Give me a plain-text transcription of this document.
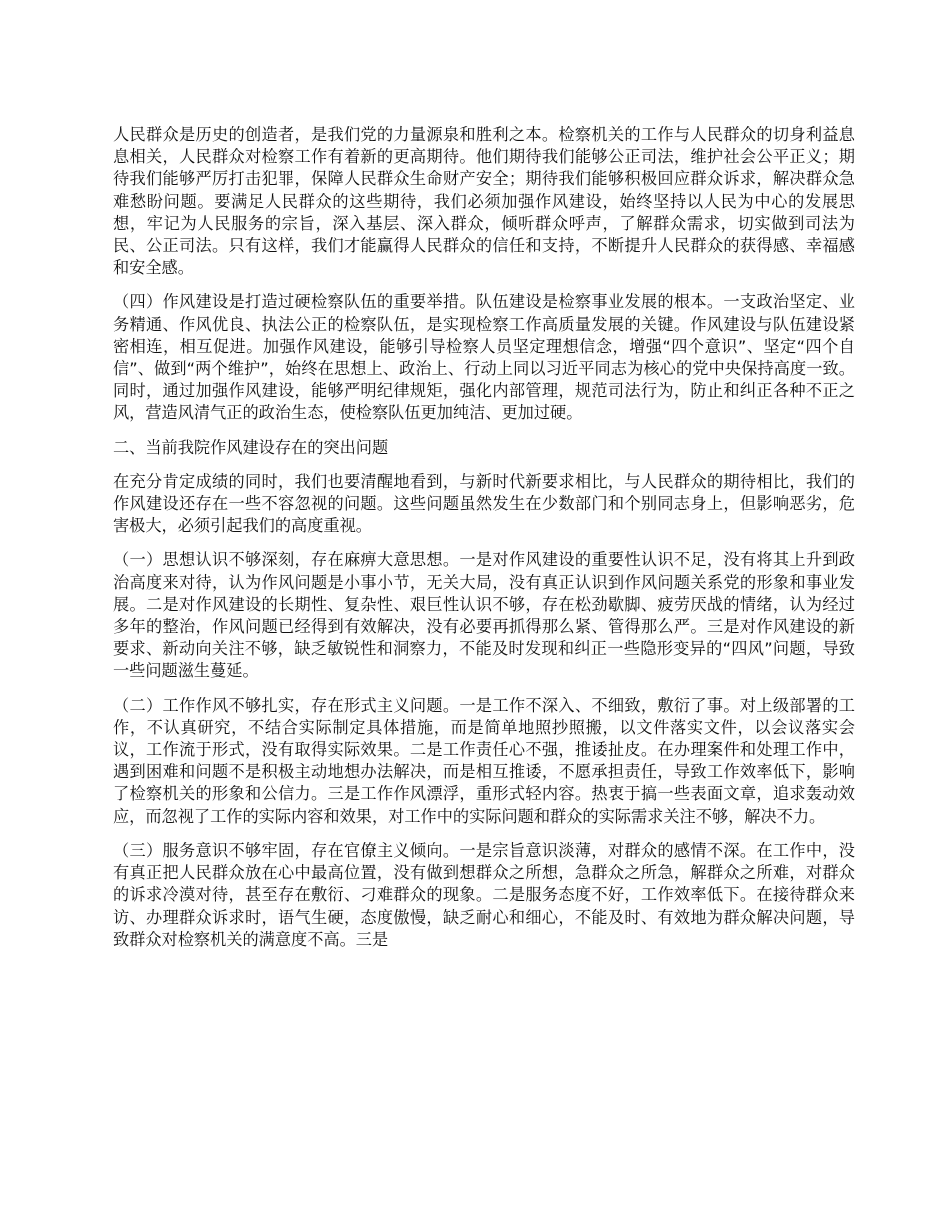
人民群众是历史的创造者，是我们党的力量源泉和胜利之本。检察机关的工作与人民群众的切身利益息息相关，人民群众对检察工作有着新的更高期待。他们期待我们能够公正司法，维护社会公平正义；期待我们能够严厉打击犯罪，保障人民群众生命财产安全；期待我们能够积极回应群众诉求，解决群众急难愁盼问题。要满足人民群众的这些期待，我们必须加强作风建设，始终坚持以人民为中心的发展思想，牢记为人民服务的宗旨，深入基层、深入群众，倾听群众呼声，了解群众需求，切实做到司法为民、公正司法。只有这样，我们才能赢得人民群众的信任和支持，不断提升人民群众的获得感、幸福感和安全感。

（四）作风建设是打造过硬检察队伍的重要举措。队伍建设是检察事业发展的根本。一支政治坚定、业务精通、作风优良、执法公正的检察队伍，是实现检察工作高质量发展的关键。作风建设与队伍建设紧密相连，相互促进。加强作风建设，能够引导检察人员坚定理想信念，增强“四个意识”、坚定“四个自信”、做到“两个维护”，始终在思想上、政治上、行动上同以习近平同志为核心的党中央保持高度一致。同时，通过加强作风建设，能够严明纪律规矩，强化内部管理，规范司法行为，防止和纠正各种不正之风，营造风清气正的政治生态，使检察队伍更加纯洁、更加过硬。

二、当前我院作风建设存在的突出问题

在充分肯定成绩的同时，我们也要清醒地看到，与新时代新要求相比，与人民群众的期待相比，我们的作风建设还存在一些不容忽视的问题。这些问题虽然发生在少数部门和个别同志身上，但影响恶劣，危害极大，必须引起我们的高度重视。

（一）思想认识不够深刻，存在麻痹大意思想。一是对作风建设的重要性认识不足，没有将其上升到政治高度来对待，认为作风问题是小事小节，无关大局，没有真正认识到作风问题关系党的形象和事业发展。二是对作风建设的长期性、复杂性、艰巨性认识不够，存在松劲歇脚、疲劳厌战的情绪，认为经过多年的整治，作风问题已经得到有效解决，没有必要再抓得那么紧、管得那么严。三是对作风建设的新要求、新动向关注不够，缺乏敏锐性和洞察力，不能及时发现和纠正一些隐形变异的“四风”问题，导致一些问题滋生蔓延。

（二）工作作风不够扎实，存在形式主义问题。一是工作不深入、不细致，敷衍了事。对上级部署的工作，不认真研究，不结合实际制定具体措施，而是简单地照抄照搬，以文件落实文件，以会议落实会议，工作流于形式，没有取得实际效果。二是工作责任心不强，推诿扯皮。在办理案件和处理工作中，遇到困难和问题不是积极主动地想办法解决，而是相互推诿，不愿承担责任，导致工作效率低下，影响了检察机关的形象和公信力。三是工作作风漂浮，重形式轻内容。热衷于搞一些表面文章，追求轰动效应，而忽视了工作的实际内容和效果，对工作中的实际问题和群众的实际需求关注不够，解决不力。

（三）服务意识不够牢固，存在官僚主义倾向。一是宗旨意识淡薄，对群众的感情不深。在工作中，没有真正把人民群众放在心中最高位置，没有做到想群众之所想，急群众之所急，解群众之所难，对群众的诉求冷漠对待，甚至存在敷衍、刁难群众的现象。二是服务态度不好，工作效率低下。在接待群众来访、办理群众诉求时，语气生硬，态度傲慢，缺乏耐心和细心，不能及时、有效地为群众解决问题，导致群众对检察机关的满意度不高。三是
